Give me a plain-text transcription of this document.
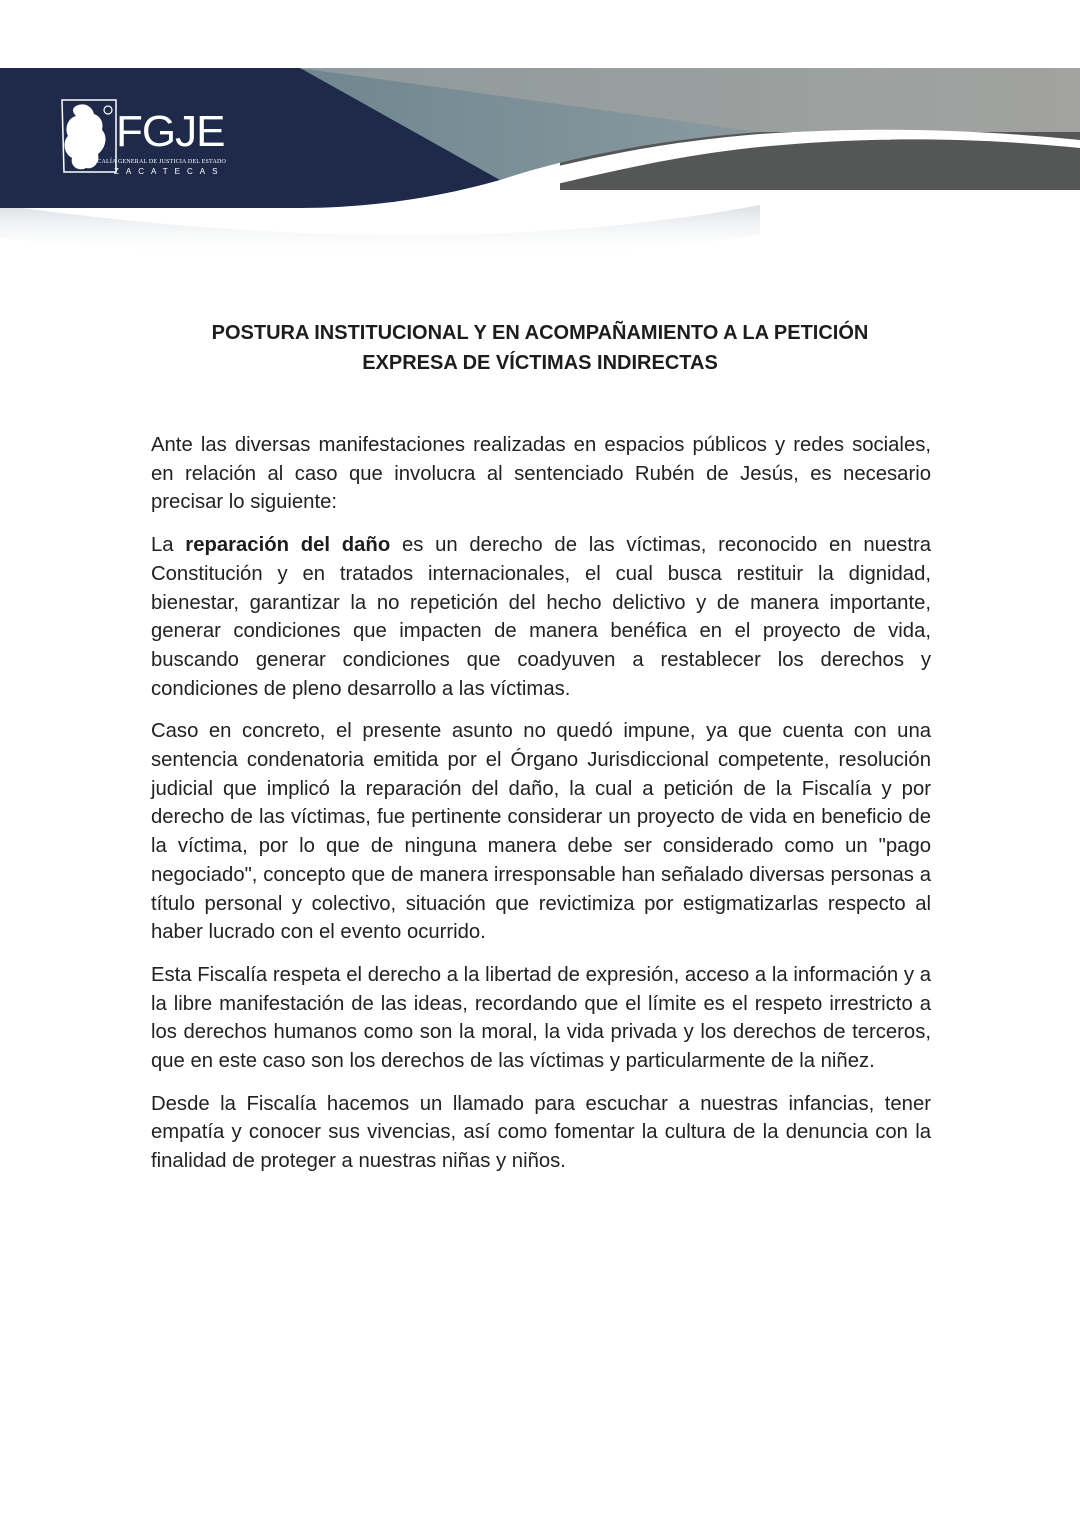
FGJE
FISCALÍA GENERAL DE JUSTICIA DEL ESTADO
ZACATECAS
POSTURA INSTITUCIONAL Y EN ACOMPAÑAMIENTO A LA PETICIÓN
EXPRESA DE VÍCTIMAS INDIRECTAS

Ante las diversas manifestaciones realizadas en espacios públicos y redes sociales, en relación al caso que involucra al sentenciado Rubén de Jesús, es necesario precisar lo siguiente:

La reparación del daño es un derecho de las víctimas, reconocido en nuestra Constitución y en tratados internacionales, el cual busca restituir la dignidad, bienestar, garantizar la no repetición del hecho delictivo y de manera importante, generar condiciones que impacten de manera benéfica en el proyecto de vida, buscando generar condiciones que coadyuven a restablecer los derechos y condiciones de pleno desarrollo a las víctimas.

Caso en concreto, el presente asunto no quedó impune, ya que cuenta con una sentencia condenatoria emitida por el Órgano Jurisdiccional competente, resolución judicial que implicó la reparación del daño, la cual a petición de la Fiscalía y por derecho de las víctimas, fue pertinente considerar un proyecto de vida en beneficio de la víctima, por lo que de ninguna manera debe ser considerado como un "pago negociado", concepto que de manera irresponsable han señalado diversas personas a título personal y colectivo, situación que revictimiza por estigmatizarlas respecto al haber lucrado con el evento ocurrido.

Esta Fiscalía respeta el derecho a la libertad de expresión, acceso a la información y a la libre manifestación de las ideas, recordando que el límite es el respeto irrestricto a los derechos humanos como son la moral, la vida privada y los derechos de terceros, que en este caso son los derechos de las víctimas y particularmente de la niñez.

Desde la Fiscalía hacemos un llamado para escuchar a nuestras infancias, tener empatía y conocer sus vivencias, así como fomentar la cultura de la denuncia con la finalidad de proteger a nuestras niñas y niños.
